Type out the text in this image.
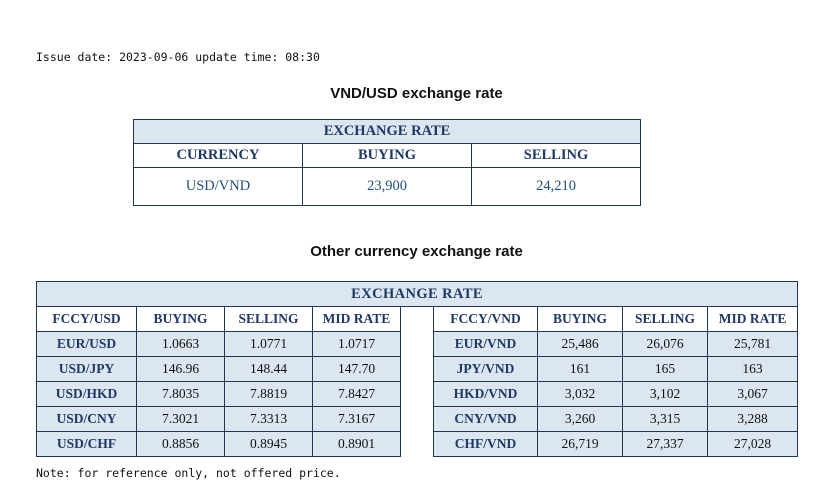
Issue date: 2023-09-06 update time: 08:30
VND/USD exchange rate
EXCHANGE RATE		
CURRENCY	BUYING	SELLING
USD/VND	23,900	24,210
Other currency exchange rate
EXCHANGE RATE								
FCCY/USD	BUYING	SELLING	MID RATE		FCCY/VND	BUYING	SELLING	MID RATE
EUR/USD	1.0663	1.0771	1.0717		EUR/VND	25,486	26,076	25,781
USD/JPY	146.96	148.44	147.70		JPY/VND	161	165	163
USD/HKD	7.8035	7.8819	7.8427		HKD/VND	3,032	3,102	3,067
USD/CNY	7.3021	7.3313	7.3167		CNY/VND	3,260	3,315	3,288
USD/CHF	0.8856	0.8945	0.8901		CHF/VND	26,719	27,337	27,028
Note: for reference only, not offered price.
